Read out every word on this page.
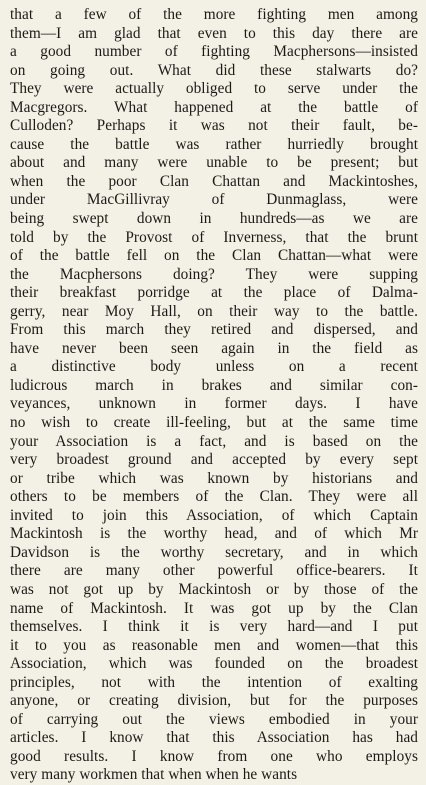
that a few of the more fighting men among
them—I am glad that even to this day there are
a good number of fighting Macphersons—insisted
on going out. What did these stalwarts do?
They were actually obliged to serve under the
Macgregors. What happened at the battle of
Culloden? Perhaps it was not their fault, be-
cause the battle was rather hurriedly brought
about and many were unable to be present; but
when the poor Clan Chattan and Mackintoshes,
under MacGillivray of Dunmaglass, were
being swept down in hundreds—as we are
told by the Provost of Inverness, that the brunt
of the battle fell on the Clan Chattan—what were
the Macphersons doing? They were supping
their breakfast porridge at the place of Dalma-
gerry, near Moy Hall, on their way to the battle.
From this march they retired and dispersed, and
have never been seen again in the field as
a distinctive body unless on a recent
ludicrous march in brakes and similar con-
veyances, unknown in former days. I have
no wish to create ill-feeling, but at the same time
your Association is a fact, and is based on the
very broadest ground and accepted by every sept
or tribe which was known by historians and
others to be members of the Clan. They were all
invited to join this Association, of which Captain
Mackintosh is the worthy head, and of which Mr
Davidson is the worthy secretary, and in which
there are many other powerful office-bearers. It
was not got up by Mackintosh or by those of the
name of Mackintosh. It was got up by the Clan
themselves. I think it is very hard—and I put
it to you as reasonable men and women—that this
Association, which was founded on the broadest
principles, not with the intention of exalting
anyone, or creating division, but for the purposes
of carrying out the views embodied in your
articles. I know that this Association has had
good results. I know from one who employs
very many workmen that when when he wants
